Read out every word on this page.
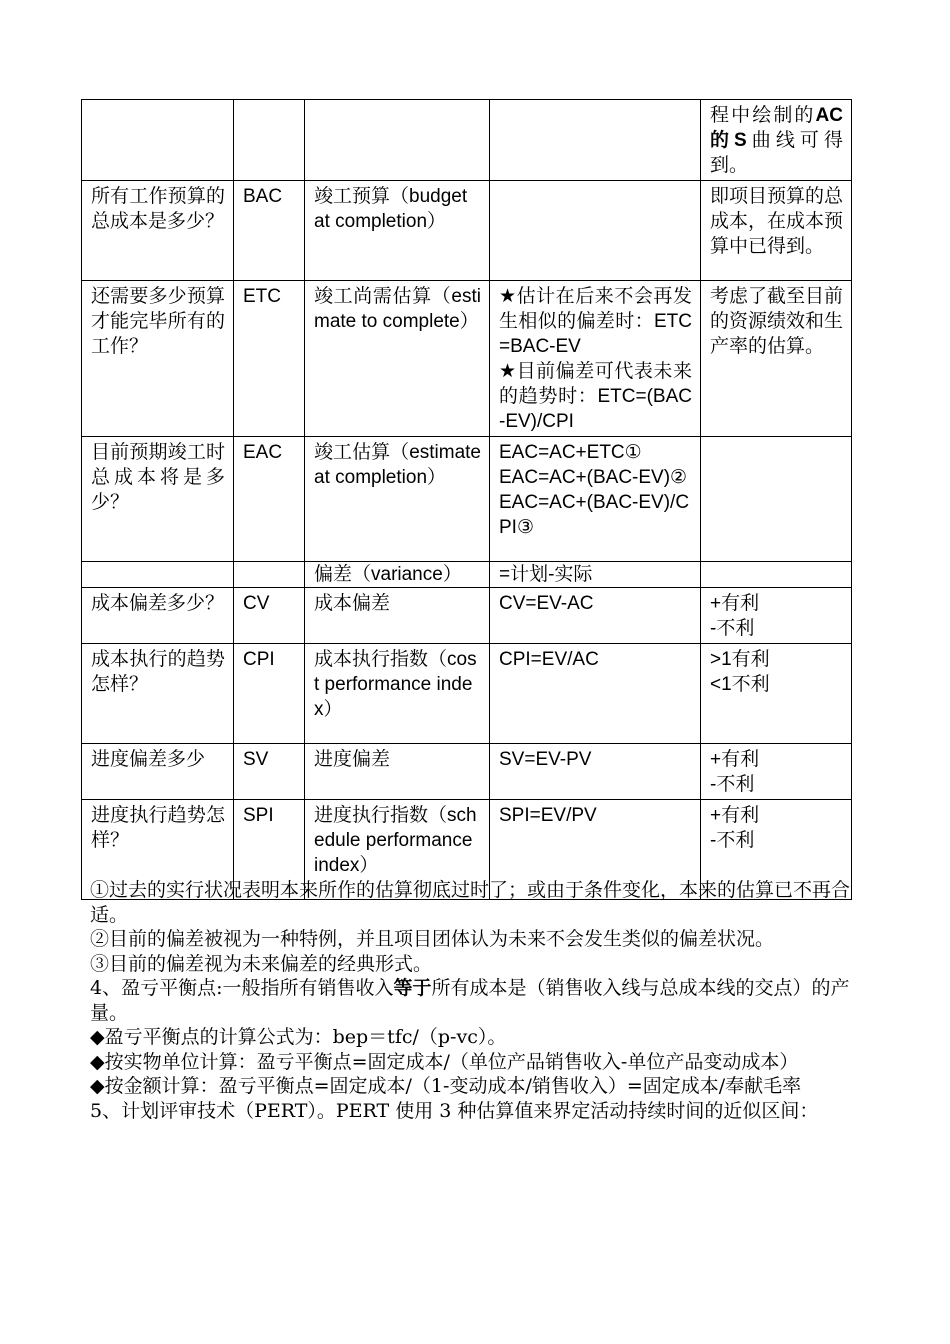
				程中绘制的AC的S曲线可得到。

所有工作预算的总成本是多少？	BAC	竣工预算（budget at completion）		即项目预算的总成本，在成本预算中已得到。

还需要多少预算才能完毕所有的工作？	ETC	竣工尚需估算（estimate to complete）	★估计在后来不会再发生相似的偏差时：ETC=BAC-EV
★目前偏差可代表未来的趋势时：ETC=(BAC-EV)/CPI	考虑了截至目前的资源绩效和生产率的估算。

目前预期竣工时总成本将是多少？	EAC	竣工估算（estimate at completion）	EAC=AC+ETC①
EAC=AC+(BAC-EV)②
EAC=AC+(BAC-EV)/CPI③	

		偏差（variance）	=计划-实际	

成本偏差多少？	CV	成本偏差	CV=EV-AC	+有利
-不利

成本执行的趋势怎样？	CPI	成本执行指数（cost performance index）	CPI=EV/AC	>1有利
<1不利

进度偏差多少	SV	进度偏差	SV=EV-PV	+有利
-不利

进度执行趋势怎样？	SPI	进度执行指数（schedule performance index）	SPI=EV/PV	+有利
-不利

①过去的实行状况表明本来所作的估算彻底过时了；或由于条件变化，本来的估算已不再合适。

②目前的偏差被视为一种特例，并且项目团体认为未来不会发生类似的偏差状况。

③目前的偏差视为未来偏差的经典形式。

4、盈亏平衡点:一般指所有销售收入等于所有成本是（销售收入线与总成本线的交点）的产量。

◆盈亏平衡点的计算公式为：bep＝tfc/（p-vc）。

◆按实物单位计算：盈亏平衡点=固定成本/（单位产品销售收入-单位产品变动成本）

◆按金额计算：盈亏平衡点=固定成本/（1-变动成本/销售收入）=固定成本/奉献毛率

5、计划评审技术（PERT）。PERT 使用 3 种估算值来界定活动持续时间的近似区间：
